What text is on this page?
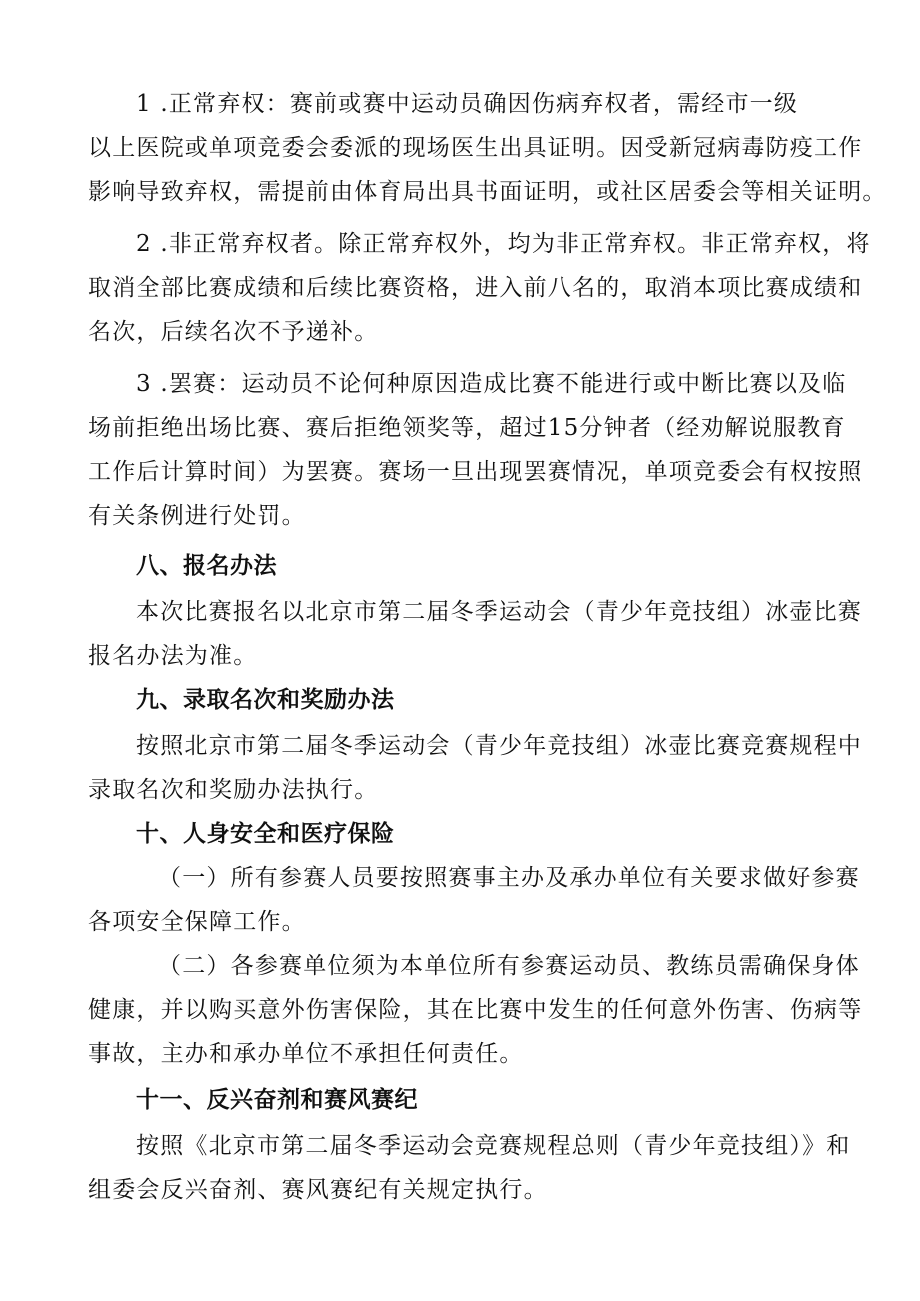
1 .正常弃权：赛前或赛中运动员确因伤病弃权者，需经市一级
以上医院或单项竞委会委派的现场医生出具证明。因受新冠病毒防疫工作
影响导致弃权，需提前由体育局出具书面证明，或社区居委会等相关证明。
2 .非正常弃权者。除正常弃权外，均为非正常弃权。非正常弃权，将
取消全部比赛成绩和后续比赛资格，进入前八名的，取消本项比赛成绩和
名次，后续名次不予递补。
3 .罢赛：运动员不论何种原因造成比赛不能进行或中断比赛以及临
场前拒绝出场比赛、赛后拒绝领奖等，超过15分钟者（经劝解说服教育
工作后计算时间）为罢赛。赛场一旦出现罢赛情况，单项竞委会有权按照
有关条例进行处罚。
八、报名办法
本次比赛报名以北京市第二届冬季运动会（青少年竞技组）冰壶比赛
报名办法为准。
九、录取名次和奖励办法
按照北京市第二届冬季运动会（青少年竞技组）冰壶比赛竞赛规程中
录取名次和奖励办法执行。
十、人身安全和医疗保险
（一）所有参赛人员要按照赛事主办及承办单位有关要求做好参赛
各项安全保障工作。
（二）各参赛单位须为本单位所有参赛运动员、教练员需确保身体
健康，并以购买意外伤害保险，其在比赛中发生的任何意外伤害、伤病等
事故，主办和承办单位不承担任何责任。
十一、反兴奋剂和赛风赛纪
按照《北京市第二届冬季运动会竞赛规程总则（青少年竞技组）》和
组委会反兴奋剂、赛风赛纪有关规定执行。
